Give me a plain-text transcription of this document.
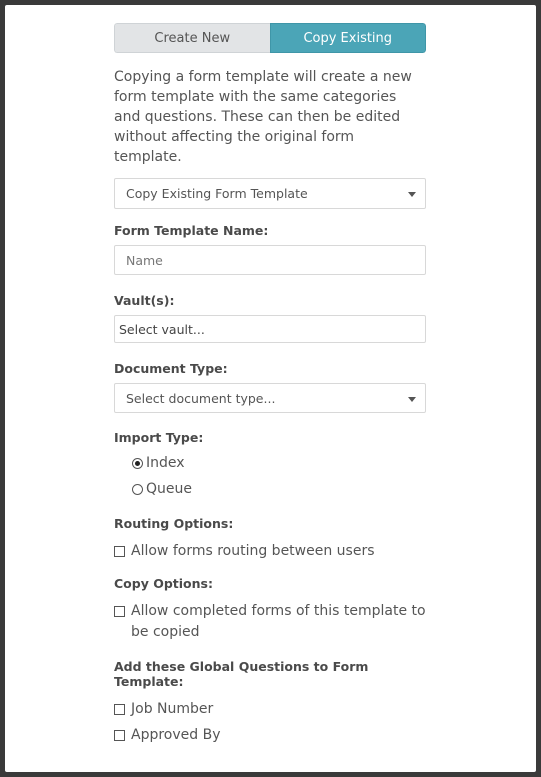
Create New	Copy Existing

Copying a form template will create a new form template with the same categories and questions. These can then be edited without affecting the original form template.

Copy Existing Form Template
Form Template Name:
Name
Vault(s):
Select vault...
Document Type:
Select document type...
Import Type:
Index
Queue
Routing Options:
Allow forms routing between users
Copy Options:
Allow completed forms of this template to be copied
Add these Global Questions to Form Template:
Job Number
Approved By
